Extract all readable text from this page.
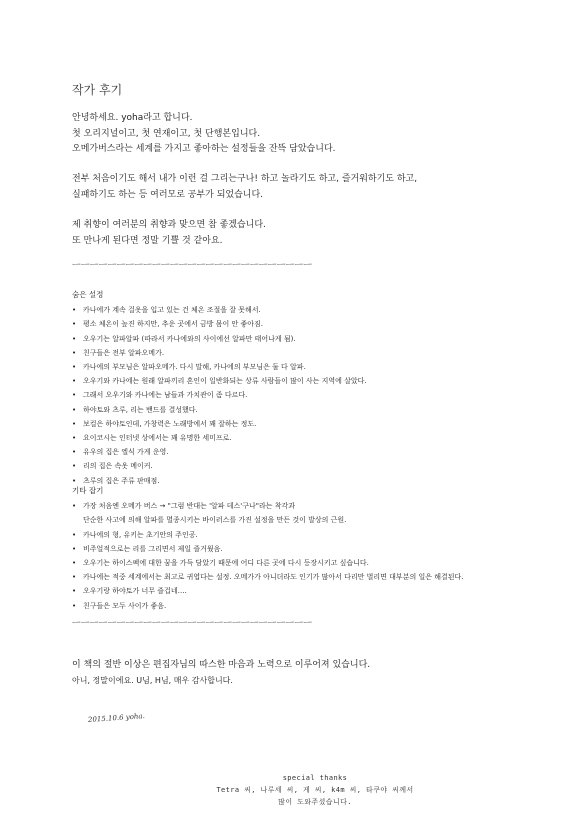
작가 후기
안녕하세요. yoha라고 합니다.
첫 오리지널이고, 첫 연재이고, 첫 단행본입니다.
오메가버스라는 세계를 가지고 좋아하는 설정들을 잔뜩 담았습니다.
전부 처음이기도 해서 내가 이런 걸 그리는구나! 하고 놀라기도 하고, 즐거워하기도 하고,
실패하기도 하는 등 여러모로 공부가 되었습니다.
제 취향이 여러분의 취향과 맞으면 참 좋겠습니다.
또 만나게 된다면 정말 기쁠 것 같아요.
ㅡㅡㅡㅡㅡㅡㅡㅡㅡㅡㅡㅡㅡㅡㅡㅡㅡㅡㅡㅡㅡㅡㅡㅡㅡㅡㅡ
숨은 설정
• 카나에가 계속 걸옷을 입고 있는 건 체온 조절을 잘 못해서.
• 평소 체온이 높진 하지만, 추운 곳에서 금방 몸이 안 좋아짐.
• 오우기는 알파알파 (따라서 카나에와의 사이에선 알파만 태어나게 됨).
• 친구들은 전부 알파오메가.
• 카나에의 부모님은 알파오메가. 다시 말해, 카나에의 부모님은 둘 다 알파.
• 오우기와 카나에는 원래 알파끼리 혼인이 일반화되는 상류 사람들이 많이 사는 지역에 살았다.
• 그래서 오우기와 카나에는 남들과 가치관이 좀 다르다.
• 하야토와 츠루, 리는 밴드를 결성했다.
• 보컬은 하야토인데, 가창력은 노래방에서 꽤 잘하는 정도.
• 요이코시는 인터넷 상에서는 꽤 유명한 세미프로.
• 유우의 집은 엘식 가게 운영.
• 리의 집은 속옷 메이커.
• 츠루의 집은 주류 판매점.
기타 잡기
• 가장 처음엔 오메가 버스 → "그럼 반대는 '알파 데스'구나"라는 착각과
단순한 사고에 의해 알파를 멸종시키는 바이러스를 가진 설정을 만든 것이 발상의 근원.
• 카나에의 형, 유키는 초기안의 주인공.
• 비주얼적으로는 리를 그리면서 제일 즐거웠음.
• 오우기는 하이스펙에 대한 꿈을 가득 담았기 때문에 어디 다른 곳에 다시 등장시키고 싶습니다.
• 카나에는 적중 세계에서는 최고로 귀엽다는 설정. 오메가가 아니더라도 인기가 많아서 다리만 벌리면 대부분의 일은 해결된다.
• 오우기랑 하야토가 너무 즐겁네….
• 친구들은 모두 사이가 좋음.
ㅡㅡㅡㅡㅡㅡㅡㅡㅡㅡㅡㅡㅡㅡㅡㅡㅡㅡㅡㅡㅡㅡㅡㅡㅡㅡㅡ
이 책의 절반 이상은 편집자님의 따스한 마음과 노력으로 이루어져 있습니다.
아니, 정말이에요. U님, H님, 매우 감사합니다.
2015.10.6 yoha.
special thanks
Tetra 씨, 나루세 씨, 게 씨, k4m 씨, 타쿠야 씨께서
많이 도와주셨습니다.
